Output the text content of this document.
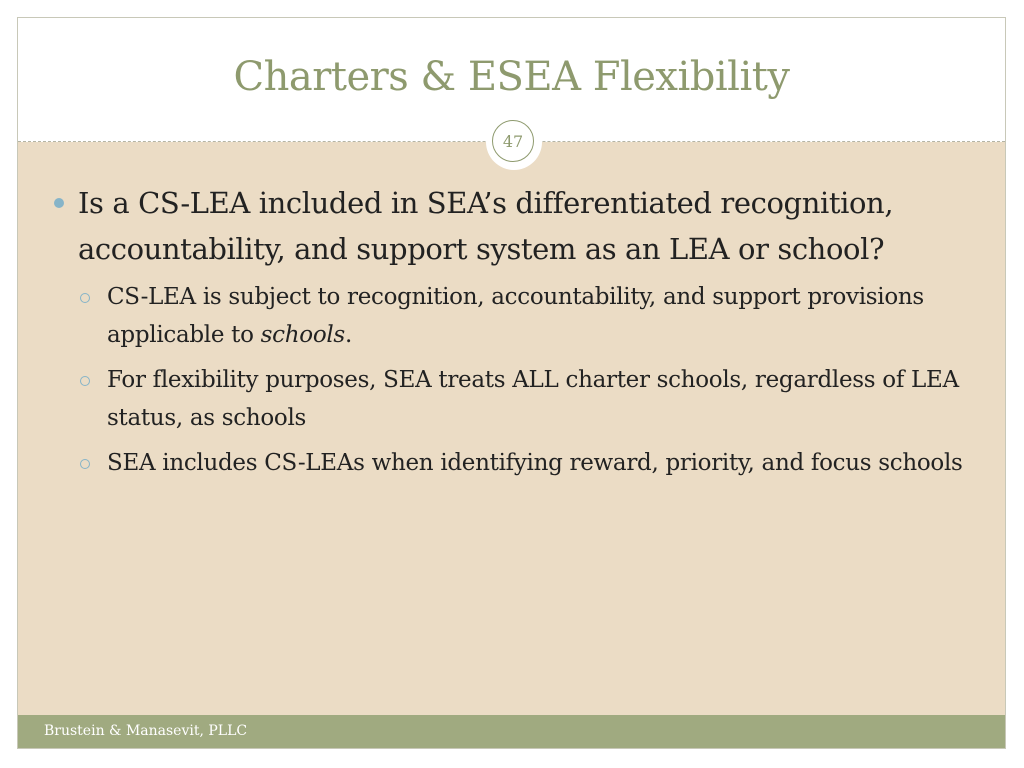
Charters & ESEA Flexibility
47
Is a CS-LEA included in SEA’s differentiated recognition, accountability, and support system as an LEA or school?
CS-LEA is subject to recognition, accountability, and support provisions applicable to schools.
For flexibility purposes, SEA treats ALL charter schools, regardless of LEA status, as schools
SEA includes CS-LEAs when identifying reward, priority, and focus schools
Brustein & Manasevit, PLLC
